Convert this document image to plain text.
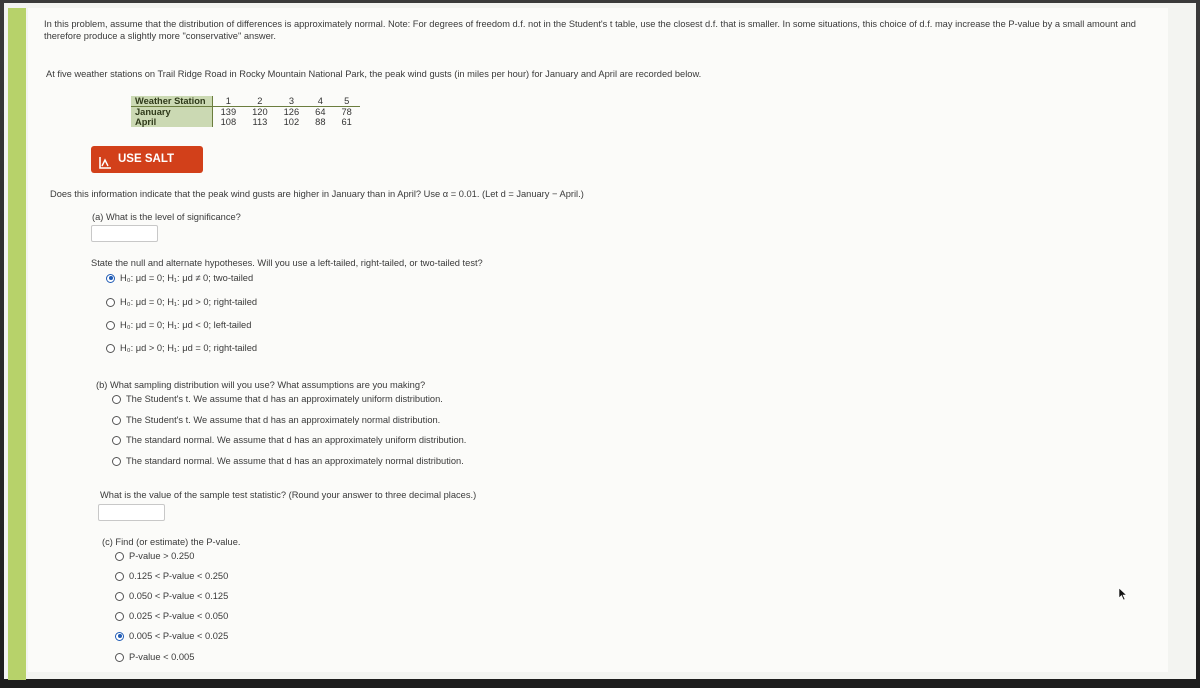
In this problem, assume that the distribution of differences is approximately normal. Note: For degrees of freedom d.f. not in the Student's t table, use the closest d.f. that is smaller. In some situations, this choice of d.f. may increase the P-value by a small amount and therefore produce a slightly more "conservative" answer.
At five weather stations on Trail Ridge Road in Rocky Mountain National Park, the peak wind gusts (in miles per hour) for January and April are recorded below.
Weather Station	1	2	3	4	5
January	139	120	126	64	78
April	108	113	102	88	61
USE SALT
Does this information indicate that the peak wind gusts are higher in January than in April? Use α = 0.01. (Let d = January − April.)
(a) What is the level of significance?
State the null and alternate hypotheses. Will you use a left-tailed, right-tailed, or two-tailed test?
H₀: μd = 0; H₁: μd ≠ 0; two-tailed
H₀: μd = 0; H₁: μd > 0; right-tailed
H₀: μd = 0; H₁: μd < 0; left-tailed
H₀: μd > 0; H₁: μd = 0; right-tailed
(b) What sampling distribution will you use? What assumptions are you making?
The Student's t. We assume that d has an approximately uniform distribution.
The Student's t. We assume that d has an approximately normal distribution.
The standard normal. We assume that d has an approximately uniform distribution.
The standard normal. We assume that d has an approximately normal distribution.
What is the value of the sample test statistic? (Round your answer to three decimal places.)
(c) Find (or estimate) the P-value.
P-value > 0.250
0.125 < P-value < 0.250
0.050 < P-value < 0.125
0.025 < P-value < 0.050
0.005 < P-value < 0.025
P-value < 0.005
